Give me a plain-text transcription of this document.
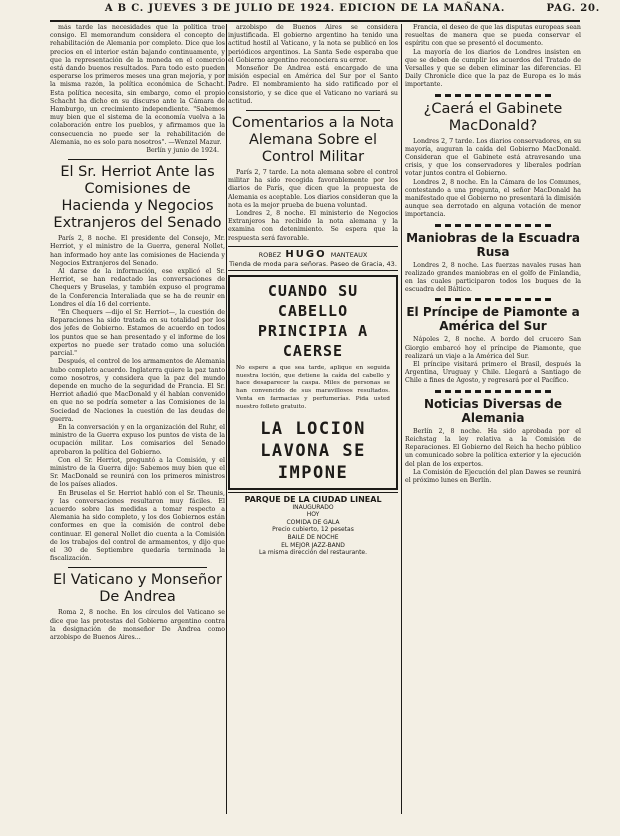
A B C. JUEVES 3 DE JULIO DE 1924. EDICION DE LA MAÑANA.	PAG. 20.

más tarde las necesidades que la política trae consigo. El memorandum considera el concepto de rehabilitación de Alemania por completo. Dice que los precios en el interior están bajando continuamente, y que la representación de la moneda en el comercio está dando buenos resultados. Para todo esto pueden esperarse los primeros meses una gran mejoría, y por la misma razón, la política económica de Schacht. Esta política necesita, sin embargo, como el propio Schacht ha dicho en su discurso ante la Cámara de Hamburgo, un crecimiento independiente. "Sabemos muy bien que el sistema de la economía vuelva a la colaboración entre los pueblos, y afirmamos que la consecuencia no puede ser la rehabilitación de Alemania, no es solo para nosotros". —Wenzel Mazur.

Berlín y junio de 1924.

El Sr. Herriot Ante las Comisiones de Hacienda y Negocios Extranjeros del Senado

París 2, 8 noche. El presidente del Consejo, Mr. Herriot, y el ministro de la Guerra, general Nollet, han informado hoy ante las comisiones de Hacienda y Negocios Extranjeros del Senado.

Al darse de la información, ese explicó el Sr. Herriot, se han redactado las conversaciones de Chequers y Bruselas, y también expuso el programa de la Conferencia Interaliada que se ha de reunir en Londres el día 16 del corriente.

"En Chequers —dijo el Sr. Herriot—, la cuestión de Reparaciones ha sido tratada en su totalidad por los dos jefes de Gobierno. Estamos de acuerdo en todos los puntos que se han presentado y el informe de los expertos no puede ser tratado como una solución parcial."

Después, el control de los armamentos de Alemania hubo completo acuerdo. Inglaterra quiere la paz tanto como nosotros, y considera que la paz del mundo depende en mucho de la seguridad de Francia. El Sr. Herriot añadió que MacDonald y él habían convenido en que no se podría someter a las Comisiones de la Sociedad de Naciones la cuestión de las deudas de guerra.

En la conversación y en la organización del Ruhr, el ministro de la Guerra expuso los puntos de vista de la ocupación militar. Los comisarios del Senado aprobaron la política del Gobierno.

Con el Sr. Herriot, preguntó a la Comisión, y el ministro de la Guerra dijo: Sabemos muy bien que el Sr. MacDonald se reunirá con los primeros ministros de los países aliados.

En Bruselas el Sr. Herriot habló con el Sr. Theunis, y las conversaciones resultaron muy fáciles. El acuerdo sobre las medidas a tomar respecto a Alemania ha sido completo, y los dos Gobiernos están conformes en que la comisión de control debe continuar. El general Nollet dio cuenta a la Comisión de los trabajos del control de armamentos, y dijo que el 30 de Septiembre quedaría terminada la fiscalización.

El Vaticano y Monseñor De Andrea

Roma 2, 8 noche. En los círculos del Vaticano se dice que las protestas del Gobierno argentino contra la designación de monseñor De Andrea como arzobispo de Buenos Aires...

arzobispo de Buenos Aires se considera injustificada. El gobierno argentino ha tenido una actitud hostil al Vaticano, y la nota se publicó en los periódicos argentinos. La Santa Sede esperaba que el Gobierno argentino reconociera su error.

Monseñor De Andrea está encargado de una misión especial en América del Sur por el Santo Padre. El nombramiento ha sido ratificado por el consistorio, y se dice que el Vaticano no variará su actitud.

Comentarios a la Nota Alemana Sobre el Control Militar

París 2, 7 tarde. La nota alemana sobre el control militar ha sido recogida favorablemente por los diarios de París, que dicen que la propuesta de Alemania es aceptable. Los diarios consideran que la nota es la mejor prueba de buena voluntad.

Londres 2, 8 noche. El ministerio de Negocios Extranjeros ha recibido la nota alemana y la examina con detenimiento. Se espera que la respuesta será favorable.

ROBEZ HUGO MANTEAUX
Tienda de moda para señoras. Paseo de Gracia, 43.
CUANDO SU CABELLO PRINCIPIA A CAERSE

No espere a que sea tarde, aplique en seguida nuestra loción, que detiene la caída del cabello y hace desaparecer la caspa. Miles de personas se han convencido de sus maravillosos resultados. Venta en farmacias y perfumerías. Pida usted nuestro folleto gratuito.

LA LOCION LAVONA SE IMPONE
PARQUE DE LA CIUDAD LINEAL
INAUGURADO
HOY
COMIDA DE GALA
Precio cubierto, 12 pesetas
BAILE DE NOCHE
EL MEJOR JAZZ-BAND
La misma dirección del restaurante.

Francia, el deseo de que las disputas europeas sean resueltas de manera que se pueda conservar el espíritu con que se presentó el documento.

La mayoría de los diarios de Londres insisten en que se deben de cumplir los acuerdos del Tratado de Versalles y que se deben eliminar las diferencias. El Daily Chronicle dice que la paz de Europa es lo más importante.

¿Caerá el Gabinete MacDonald?

Londres 2, 7 tarde. Los diarios conservadores, en su mayoría, auguran la caída del Gobierno MacDonald. Consideran que el Gabinete está atravesando una crisis, y que los conservadores y liberales podrían votar juntos contra el Gobierno.

Londres 2, 8 noche. En la Cámara de los Comunes, contestando a una pregunta, el señor MacDonald ha manifestado que el Gobierno no presentará la dimisión aunque sea derrotado en alguna votación de menor importancia.

Maniobras de la Escuadra Rusa

Londres 2, 8 noche. Las fuerzas navales rusas han realizado grandes maniobras en el golfo de Finlandia, en las cuales participaron todos los buques de la escuadra del Báltico.

El Príncipe de Piamonte a América del Sur

Nápoles 2, 8 noche. A bordo del crucero San Giorgio embarcó hoy el príncipe de Piamonte, que realizará un viaje a la América del Sur.

El príncipe visitará primero el Brasil, después la Argentina, Uruguay y Chile. Llegará a Santiago de Chile a fines de Agosto, y regresará por el Pacífico.

Noticias Diversas de Alemania

Berlín 2, 8 noche. Ha sido aprobada por el Reichstag la ley relativa a la Comisión de Reparaciones. El Gobierno del Reich ha hecho público un comunicado sobre la política exterior y la ejecución del plan de los expertos.

La Comisión de Ejecución del plan Dawes se reunirá el próximo lunes en Berlín.
